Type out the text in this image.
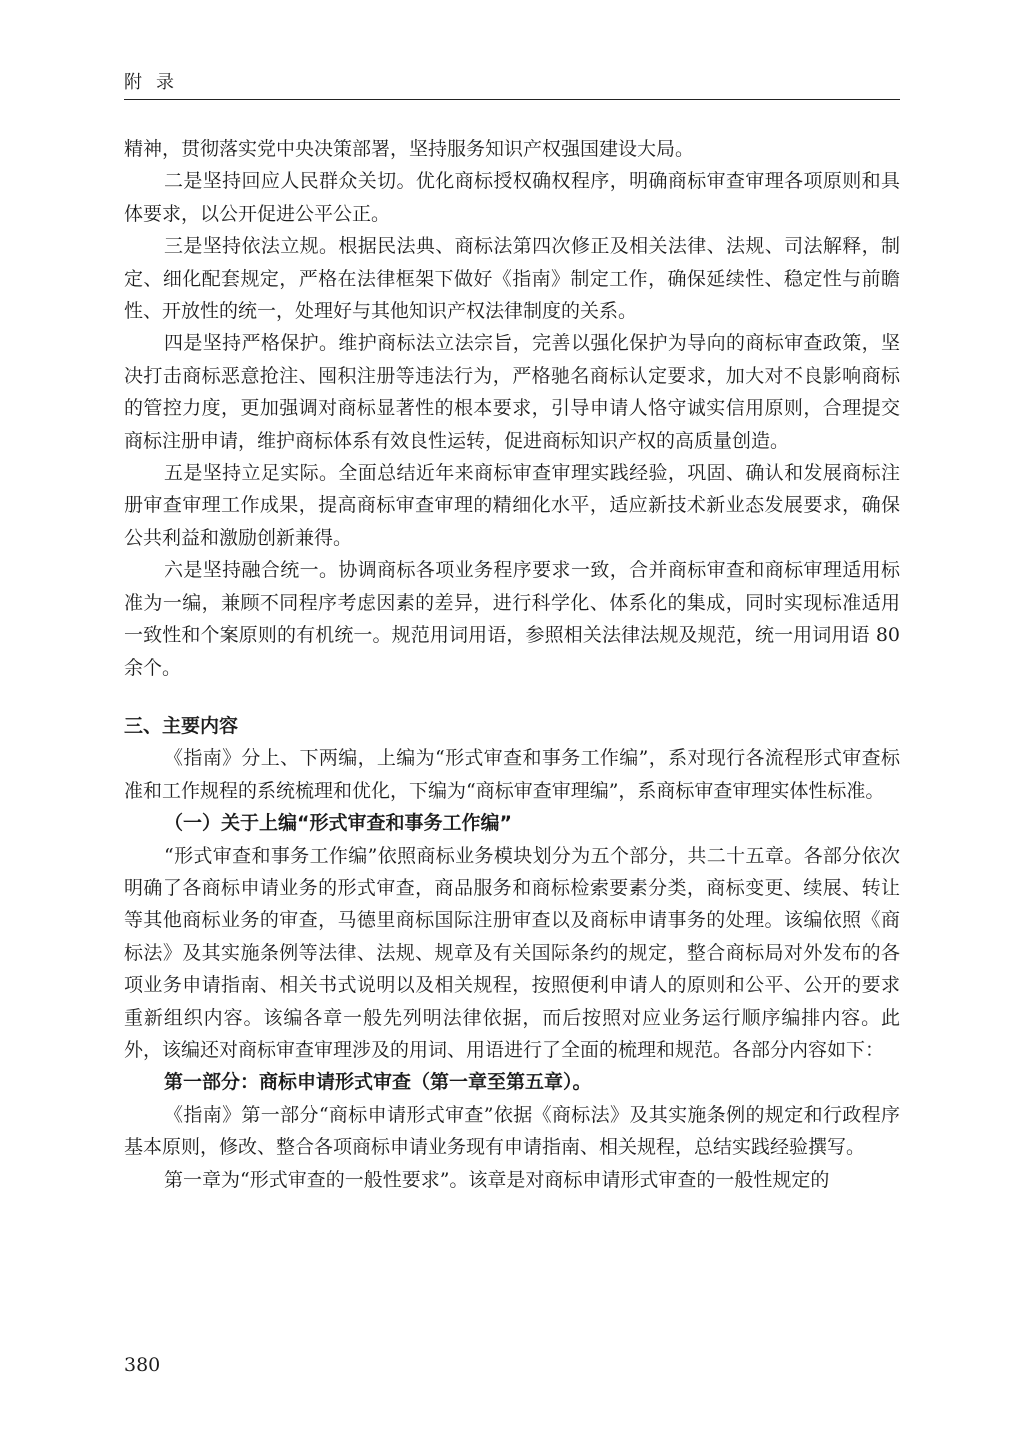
附录

精神，贯彻落实党中央决策部署，坚持服务知识产权强国建设大局。

二是坚持回应人民群众关切。优化商标授权确权程序，明确商标审查审理各项原则和具体要求，以公开促进公平公正。

三是坚持依法立规。根据民法典、商标法第四次修正及相关法律、法规、司法解释，制定、细化配套规定，严格在法律框架下做好《指南》制定工作，确保延续性、稳定性与前瞻性、开放性的统一，处理好与其他知识产权法律制度的关系。

四是坚持严格保护。维护商标法立法宗旨，完善以强化保护为导向的商标审查政策，坚决打击商标恶意抢注、囤积注册等违法行为，严格驰名商标认定要求，加大对不良影响商标的管控力度，更加强调对商标显著性的根本要求，引导申请人恪守诚实信用原则，合理提交商标注册申请，维护商标体系有效良性运转，促进商标知识产权的高质量创造。

五是坚持立足实际。全面总结近年来商标审查审理实践经验，巩固、确认和发展商标注册审查审理工作成果，提高商标审查审理的精细化水平，适应新技术新业态发展要求，确保公共利益和激励创新兼得。

六是坚持融合统一。协调商标各项业务程序要求一致，合并商标审查和商标审理适用标准为一编，兼顾不同程序考虑因素的差异，进行科学化、体系化的集成，同时实现标准适用一致性和个案原则的有机统一。规范用词用语，参照相关法律法规及规范，统一用词用语 80 余个。

三、主要内容

《指南》分上、下两编，上编为“形式审查和事务工作编”，系对现行各流程形式审查标准和工作规程的系统梳理和优化，下编为“商标审查审理编”，系商标审查审理实体性标准。

（一）关于上编“形式审查和事务工作编”

“形式审查和事务工作编”依照商标业务模块划分为五个部分，共二十五章。各部分依次明确了各商标申请业务的形式审查，商品服务和商标检索要素分类，商标变更、续展、转让等其他商标业务的审查，马德里商标国际注册审查以及商标申请事务的处理。该编依照《商标法》及其实施条例等法律、法规、规章及有关国际条约的规定，整合商标局对外发布的各项业务申请指南、相关书式说明以及相关规程，按照便利申请人的原则和公平、公开的要求重新组织内容。该编各章一般先列明法律依据，而后按照对应业务运行顺序编排内容。此外，该编还对商标审查审理涉及的用词、用语进行了全面的梳理和规范。各部分内容如下：

第一部分：商标申请形式审查（第一章至第五章）。

《指南》第一部分“商标申请形式审查”依据《商标法》及其实施条例的规定和行政程序基本原则，修改、整合各项商标申请业务现有申请指南、相关规程，总结实践经验撰写。

第一章为“形式审查的一般性要求”。该章是对商标申请形式审查的一般性规定的

380
